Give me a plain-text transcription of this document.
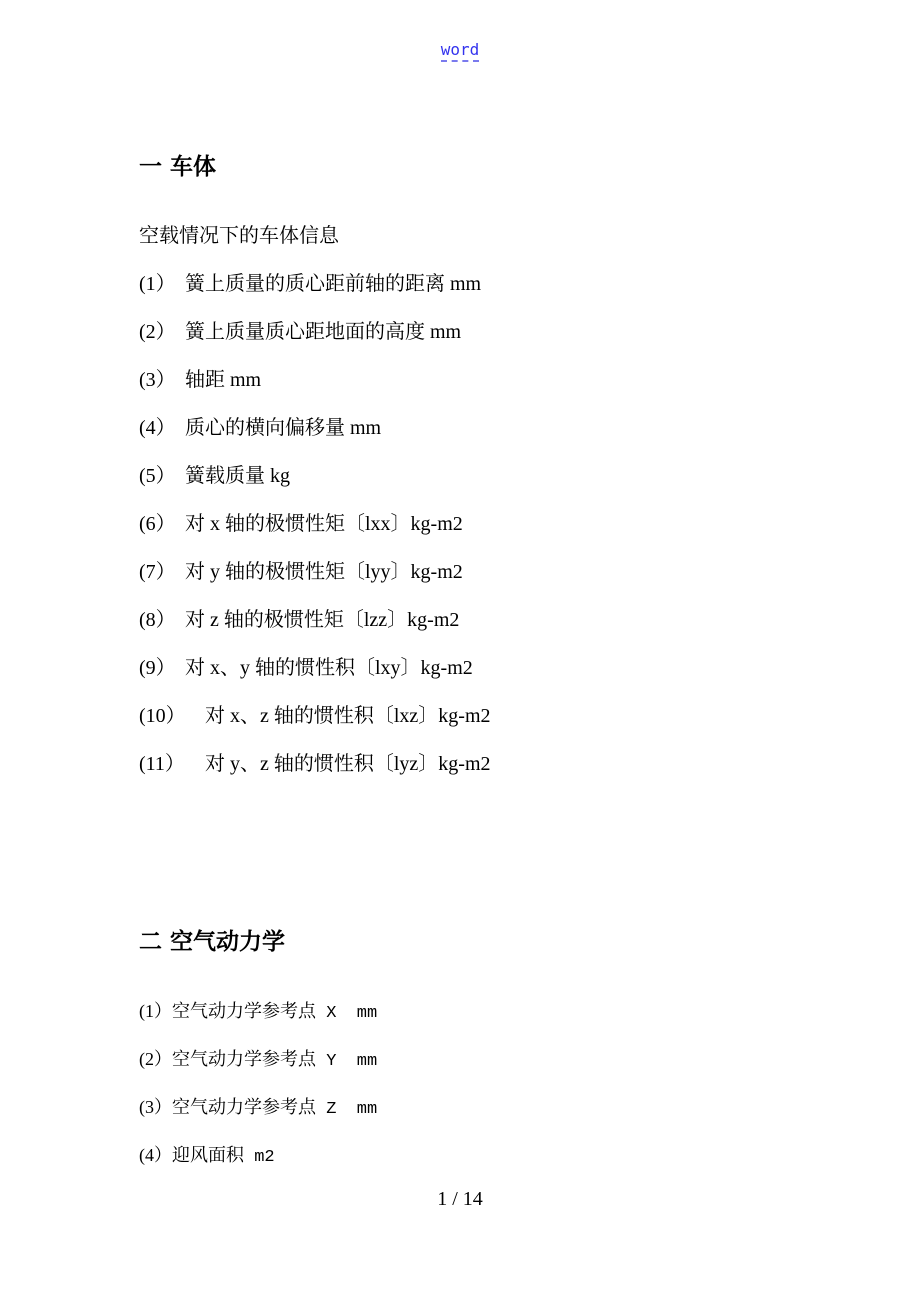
word
一 车体
空载情况下的车体信息
(1） 簧上质量的质心距前轴的距离 mm
(2） 簧上质量质心距地面的高度 mm
(3） 轴距 mm
(4） 质心的横向偏移量 mm
(5） 簧载质量 kg
(6） 对 x 轴的极惯性矩〔lxx〕kg-m2
(7） 对 y 轴的极惯性矩〔lyy〕kg-m2
(8） 对 z 轴的极惯性矩〔lzz〕kg-m2
(9） 对 x、y 轴的惯性积〔lxy〕kg-m2
(10） 对 x、z 轴的惯性积〔lxz〕kg-m2
(11） 对 y、z 轴的惯性积〔lyz〕kg-m2
二 空气动力学
(1）空气动力学参考点 X  mm
(2）空气动力学参考点 Y  mm
(3）空气动力学参考点 Z  mm
(4）迎风面积 m2
1 / 14
